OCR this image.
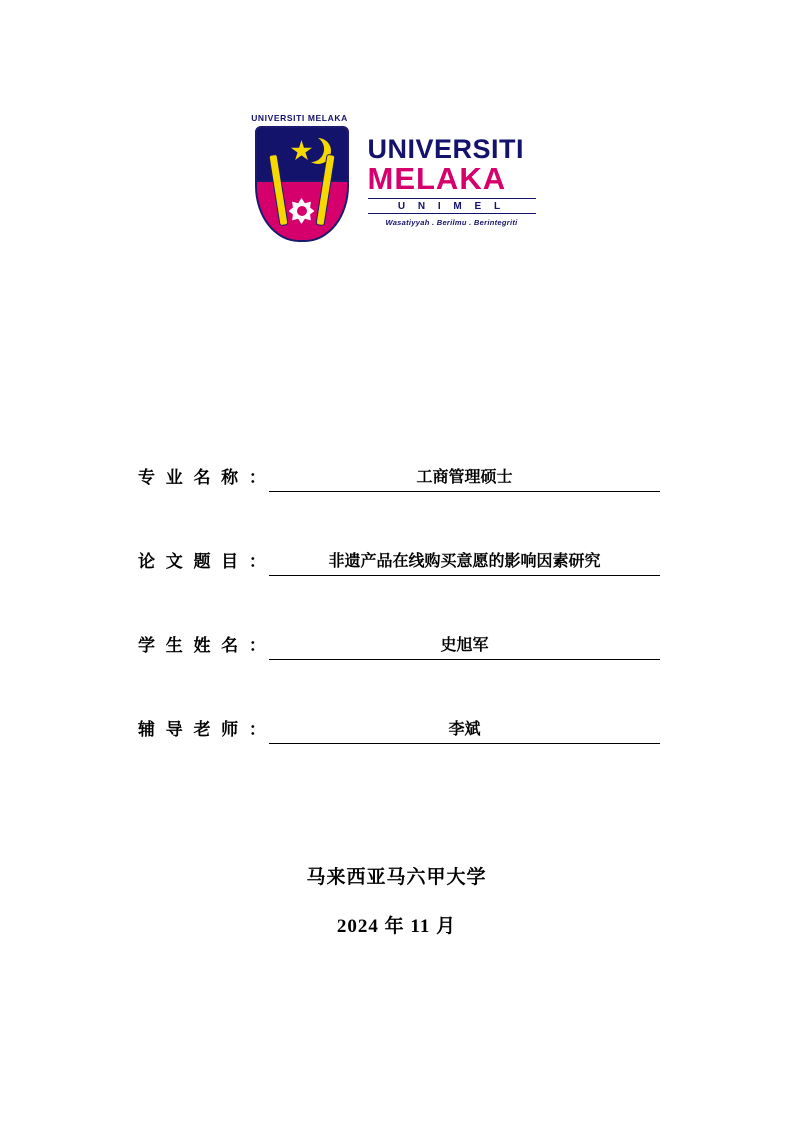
UNIVERSITI MELAKA
UNIVERSITI
MELAKA
U N I M E L
Wasatiyyah . Berilmu . Berintegriti
专 业 名 称 ：	工商管理硕士
论 文 题 目 ：	非遗产品在线购买意愿的影响因素研究
学 生 姓 名 ：	史旭军
辅 导 老 师 ：	李斌
马来西亚马六甲大学
2024 年 11 月
